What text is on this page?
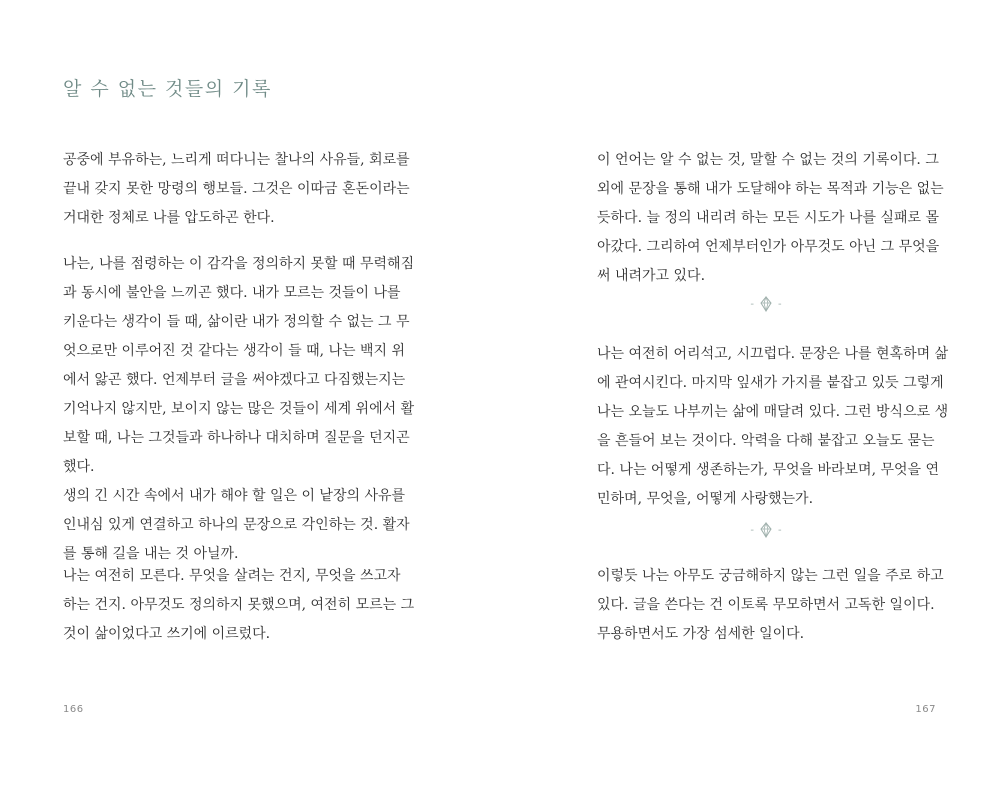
알 수 없는 것들의 기록

공중에 부유하는, 느리게 떠다니는 찰나의 사유들, 회로를
끝내 갖지 못한 망령의 행보들. 그것은 이따금 혼돈이라는
거대한 정체로 나를 압도하곤 한다.

나는, 나를 점령하는 이 감각을 정의하지 못할 때 무력해짐
과 동시에 불안을 느끼곤 했다. 내가 모르는 것들이 나를
키운다는 생각이 들 때, 삶이란 내가 정의할 수 없는 그 무
엇으로만 이루어진 것 같다는 생각이 들 때, 나는 백지 위
에서 앓곤 했다. 언제부터 글을 써야겠다고 다짐했는지는
기억나지 않지만, 보이지 않는 많은 것들이 세계 위에서 활
보할 때, 나는 그것들과 하나하나 대치하며 질문을 던지곤
했다.
생의 긴 시간 속에서 내가 해야 할 일은 이 낱장의 사유를
인내심 있게 연결하고 하나의 문장으로 각인하는 것. 활자
를 통해 길을 내는 것 아닐까.

나는 여전히 모른다. 무엇을 살려는 건지, 무엇을 쓰고자
하는 건지. 아무것도 정의하지 못했으며, 여전히 모르는 그
것이 삶이었다고 쓰기에 이르렀다.

166

이 언어는 알 수 없는 것, 말할 수 없는 것의 기록이다. 그
외에 문장을 통해 내가 도달해야 하는 목적과 기능은 없는
듯하다. 늘 정의 내리려 하는 모든 시도가 나를 실패로 몰
아갔다. 그리하여 언제부터인가 아무것도 아닌 그 무엇을
써 내려가고 있다.

- -

나는 여전히 어리석고, 시끄럽다. 문장은 나를 현혹하며 삶
에 관여시킨다. 마지막 잎새가 가지를 붙잡고 있듯 그렇게
나는 오늘도 나부끼는 삶에 매달려 있다. 그런 방식으로 생
을 흔들어 보는 것이다. 악력을 다해 붙잡고 오늘도 묻는
다. 나는 어떻게 생존하는가, 무엇을 바라보며, 무엇을 연
민하며, 무엇을, 어떻게 사랑했는가.

- -

이렇듯 나는 아무도 궁금해하지 않는 그런 일을 주로 하고
있다. 글을 쓴다는 건 이토록 무모하면서 고독한 일이다.
무용하면서도 가장 섬세한 일이다.

167
